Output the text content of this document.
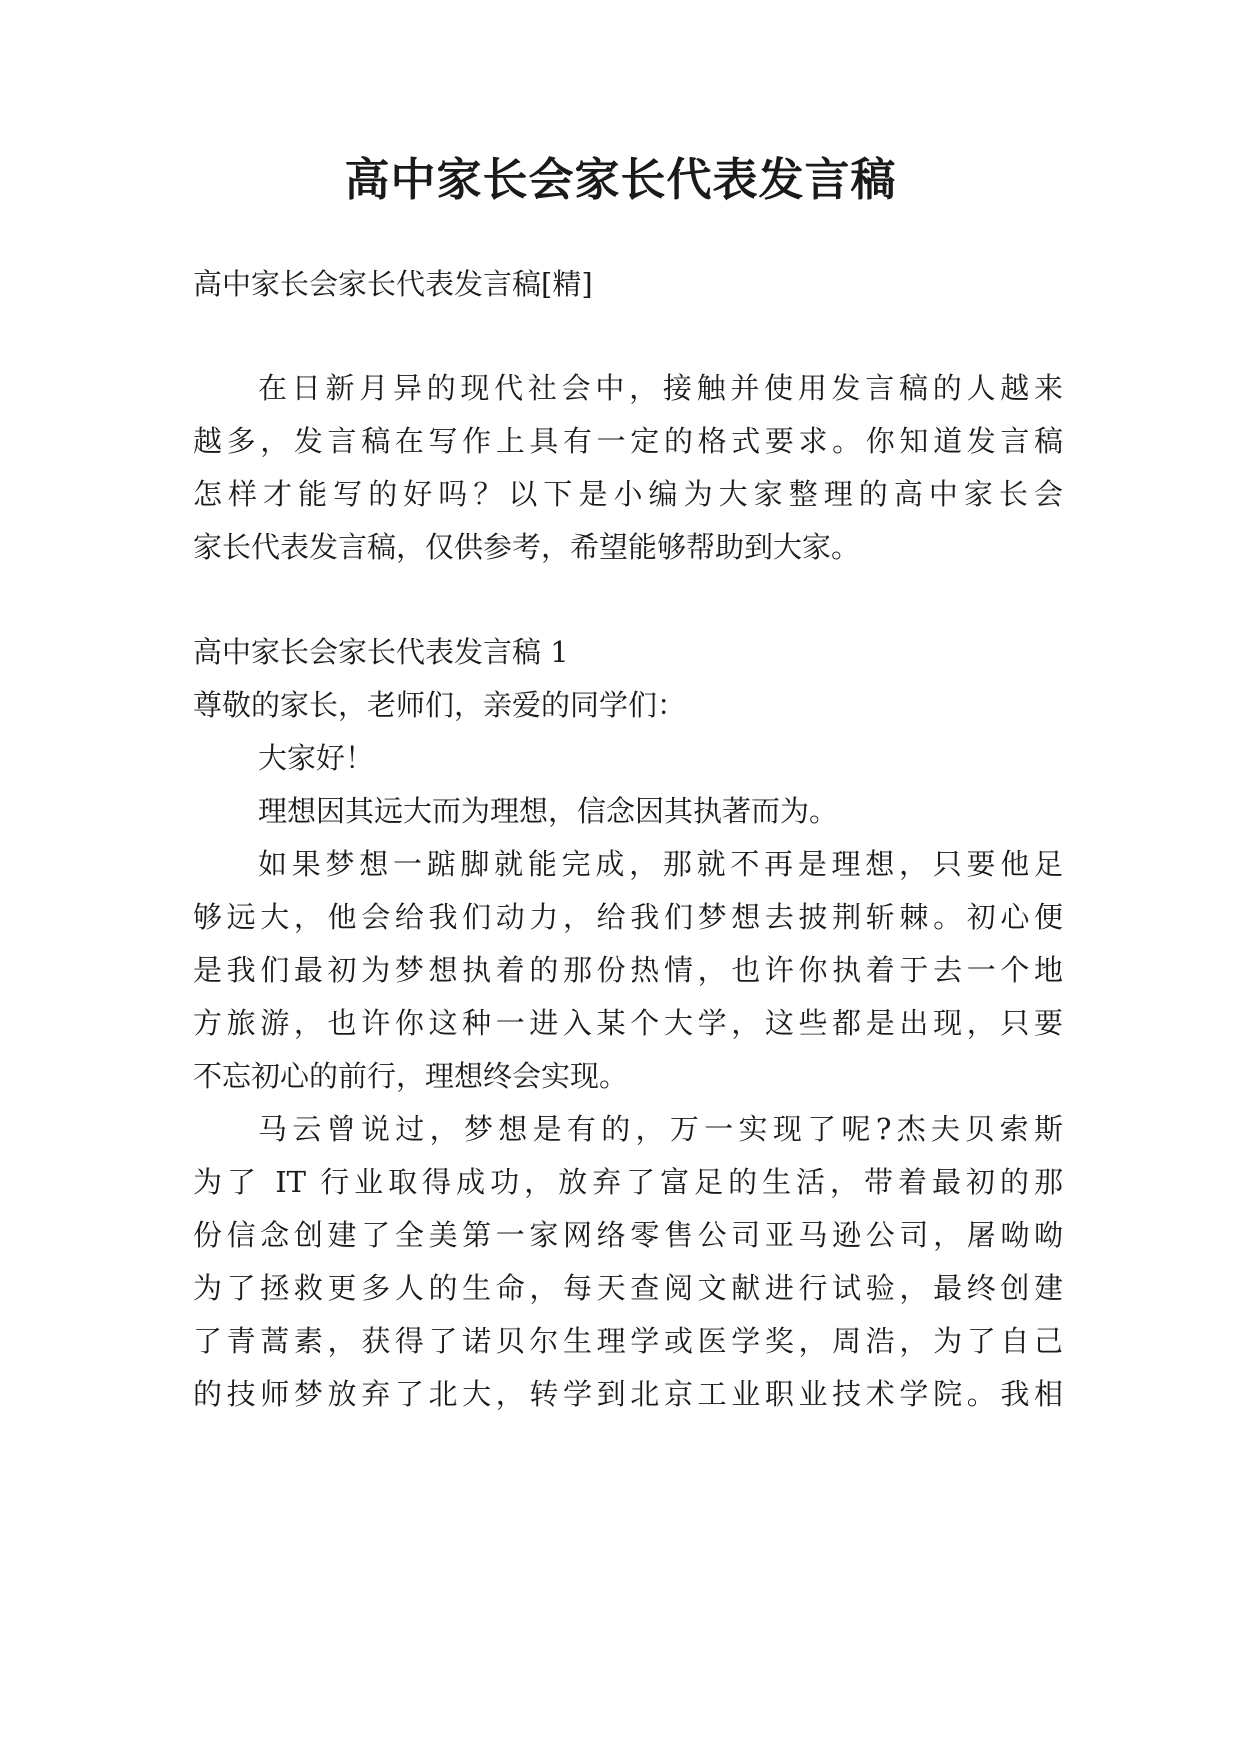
高中家长会家长代表发言稿
高中家长会家长代表发言稿[精]
在日新月异的现代社会中，接触并使用发言稿的人越来
越多，发言稿在写作上具有一定的格式要求。你知道发言稿
怎样才能写的好吗？以下是小编为大家整理的高中家长会
家长代表发言稿，仅供参考，希望能够帮助到大家。
高中家长会家长代表发言稿 1
尊敬的家长，老师们，亲爱的同学们：
大家好！
理想因其远大而为理想，信念因其执著而为。
如果梦想一踮脚就能完成，那就不再是理想，只要他足
够远大，他会给我们动力，给我们梦想去披荆斩棘。初心便
是我们最初为梦想执着的那份热情，也许你执着于去一个地
方旅游，也许你这种一进入某个大学，这些都是出现，只要
不忘初心的前行，理想终会实现。
马云曾说过，梦想是有的，万一实现了呢?杰夫贝索斯
为了 IT 行业取得成功，放弃了富足的生活，带着最初的那
份信念创建了全美第一家网络零售公司亚马逊公司，屠呦呦
为了拯救更多人的生命，每天查阅文献进行试验，最终创建
了青蒿素，获得了诺贝尔生理学或医学奖，周浩，为了自己
的技师梦放弃了北大，转学到北京工业职业技术学院。我相
